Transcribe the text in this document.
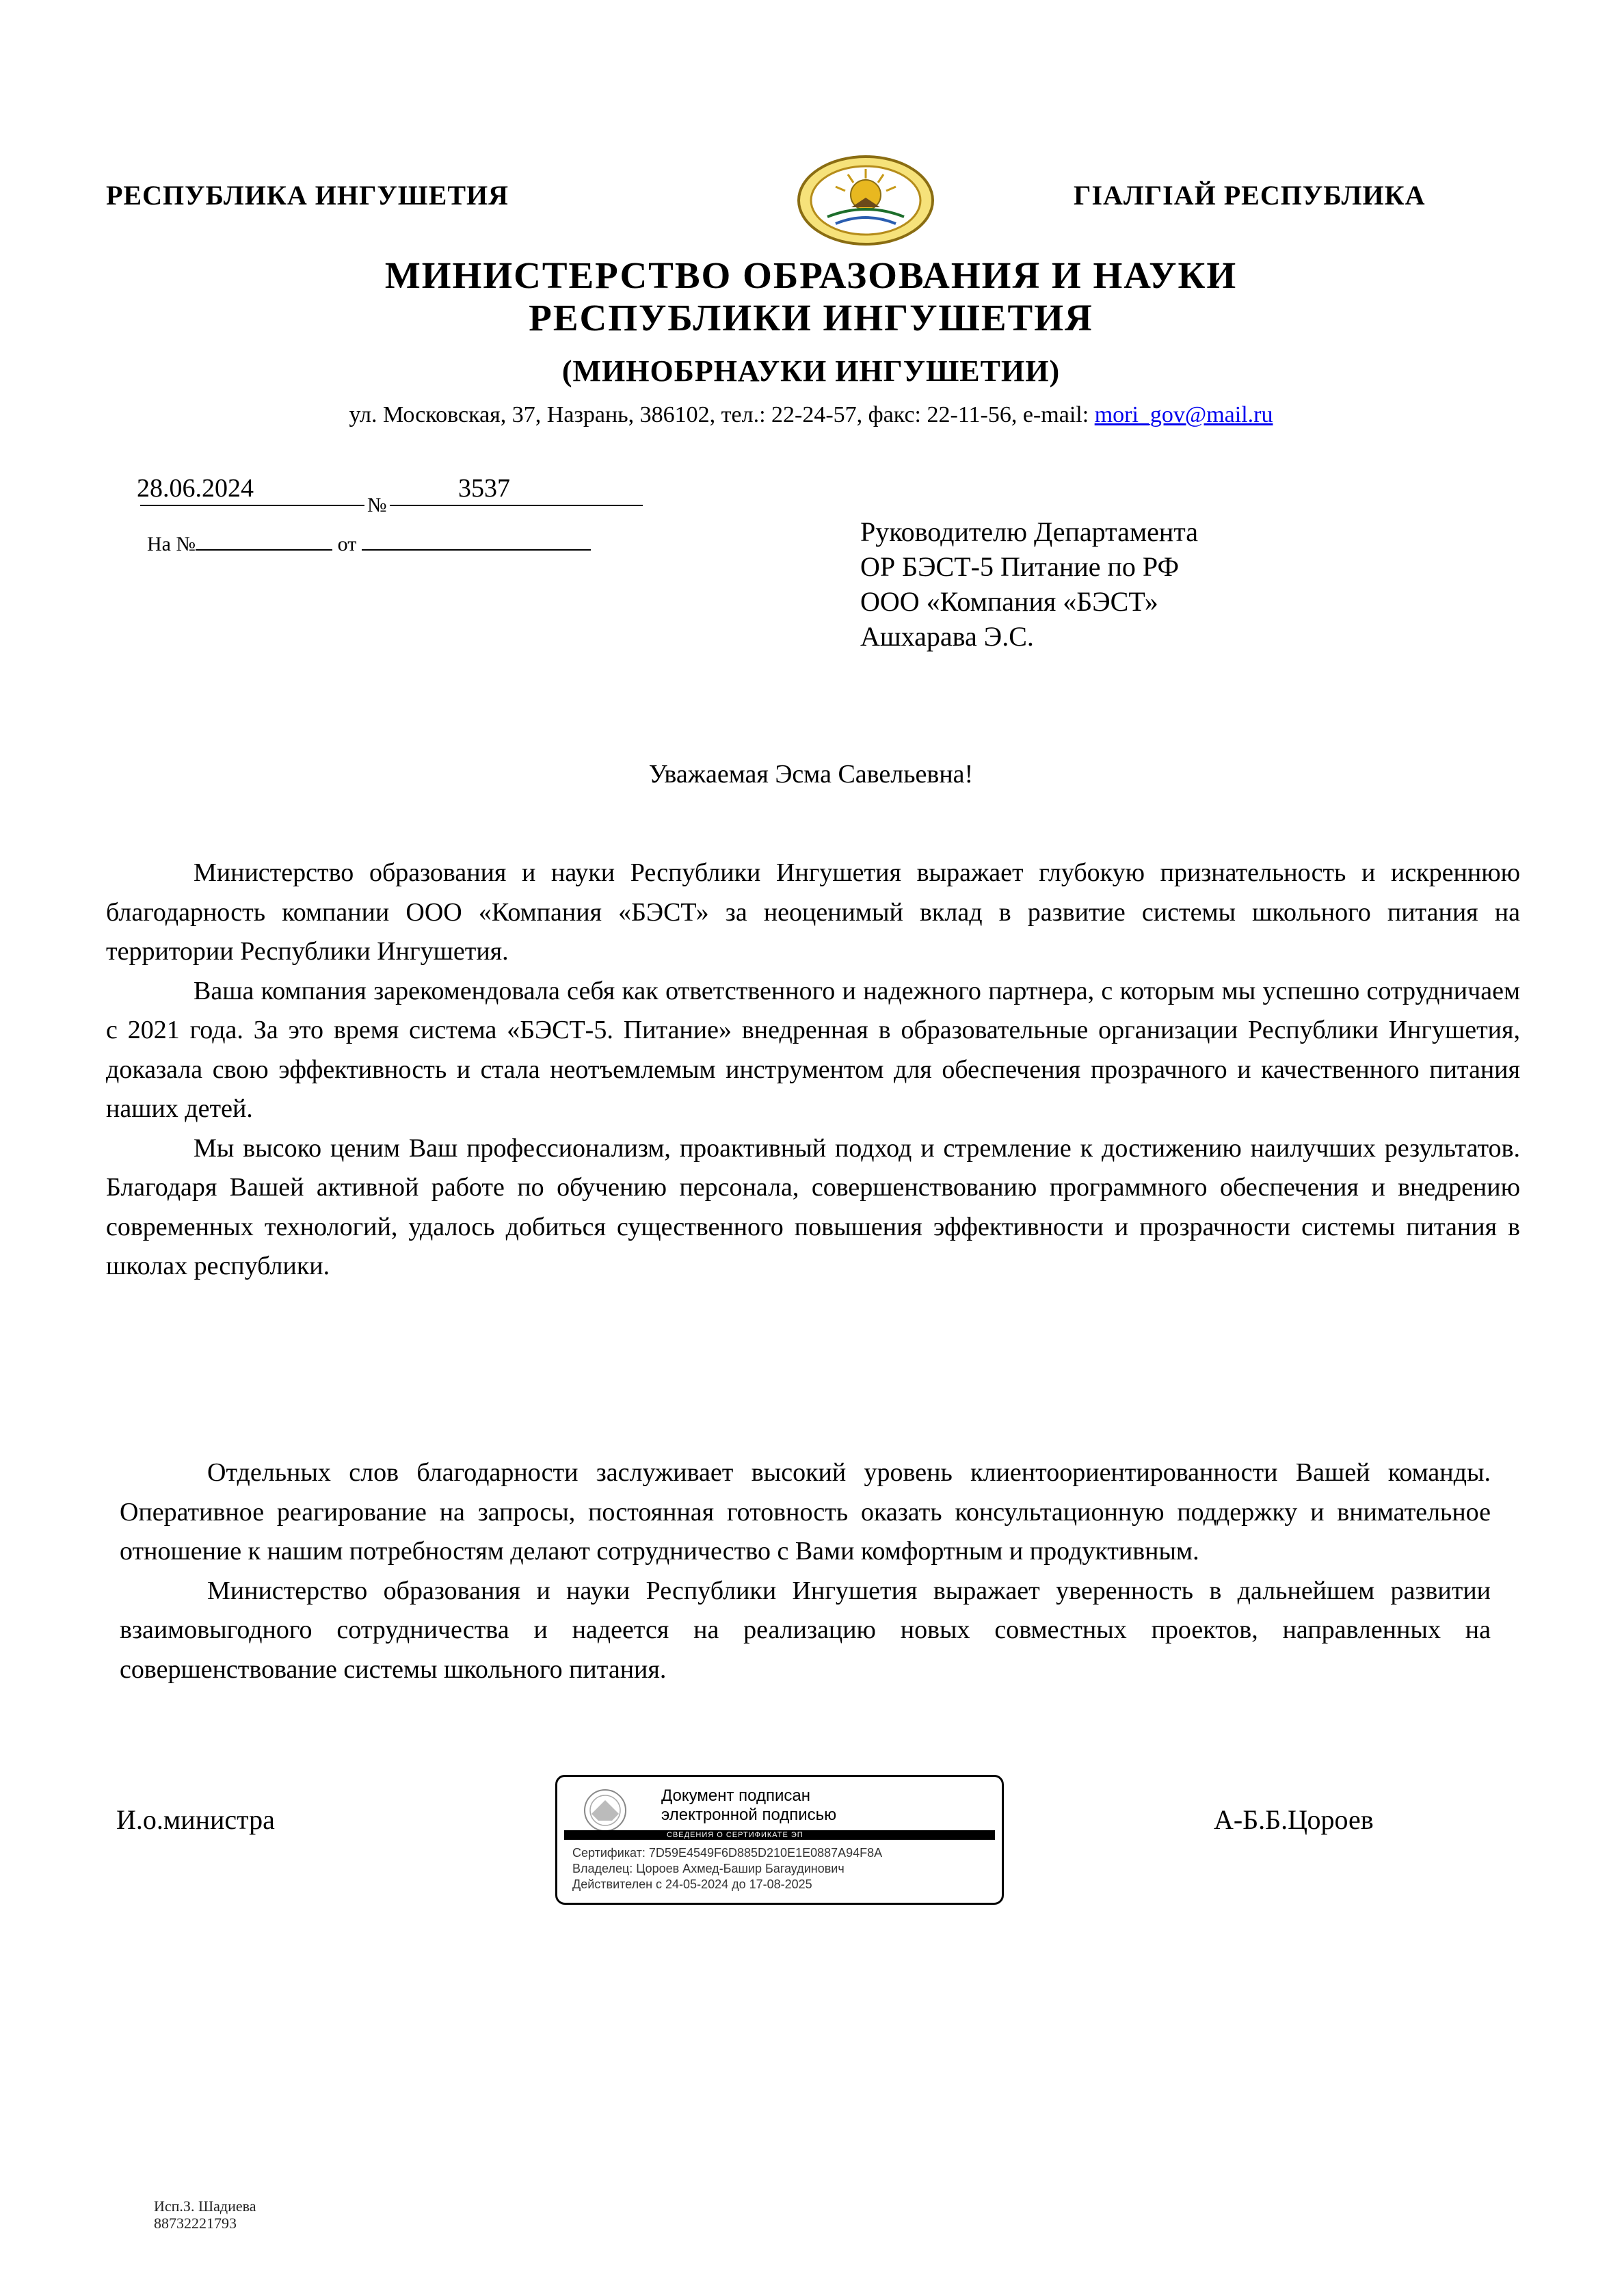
РЕСПУБЛИКА ИНГУШЕТИЯ	ГIАЛГIАЙ РЕСПУБЛИКА
МИНИСТЕРСТВО ОБРАЗОВАНИЯ И НАУКИ
РЕСПУБЛИКИ ИНГУШЕТИЯ
(МИНОБРНАУКИ ИНГУШЕТИИ)
ул. Московская, 37, Назрань, 386102, тел.: 22-24-57, факс: 22-11-56, e-mail: mori_gov@mail.ru
28.06.2024	3537
№
На №	от	Руководителю Департамента
ОР БЭСТ-5 Питание по РФ
ООО «Компания «БЭСТ»
Ашхарава Э.С.
Уважаемая Эсма Савельевна!

Министерство образования и науки Республики Ингушетия выражает глубокую признательность и искреннюю благодарность компании ООО «Компания «БЭСТ» за неоценимый вклад в развитие системы школьного питания на территории Республики Ингушетия.

Ваша компания зарекомендовала себя как ответственного и надежного партнера, с которым мы успешно сотрудничаем с 2021 года. За это время система «БЭСТ-5. Питание» внедренная в образовательные организации Республики Ингушетия, доказала свою эффективность и стала неотъемлемым инструментом для обеспечения прозрачного и качественного питания наших детей.

Мы высоко ценим Ваш профессионализм, проактивный подход и стремление к достижению наилучших результатов. Благодаря Вашей активной работе по обучению персонала, совершенствованию программного обеспечения и внедрению современных технологий, удалось добиться существенного повышения эффективности и прозрачности системы питания в школах республики.

Отдельных слов благодарности заслуживает высокий уровень клиентоориентированности Вашей команды. Оперативное реагирование на запросы, постоянная готовность оказать консультационную поддержку и внимательное отношение к нашим потребностям делают сотрудничество с Вами комфортным и продуктивным.

Министерство образования и науки Республики Ингушетия выражает уверенность в дальнейшем развитии взаимовыгодного сотрудничества и надеется на реализацию новых совместных проектов, направленных на совершенствование системы школьного питания.

И.о.министра
Документ подписан
электронной подписью
СВЕДЕНИЯ О СЕРТИФИКАТЕ ЭП
Сертификат: 7D59E4549F6D885D210E1E0887A94F8A
Владелец: Цороев Ахмед-Башир Багаудинович
Действителен с 24-05-2024 до 17-08-2025
А-Б.Б.Цороев
Исп.З. Шадиева
88732221793
